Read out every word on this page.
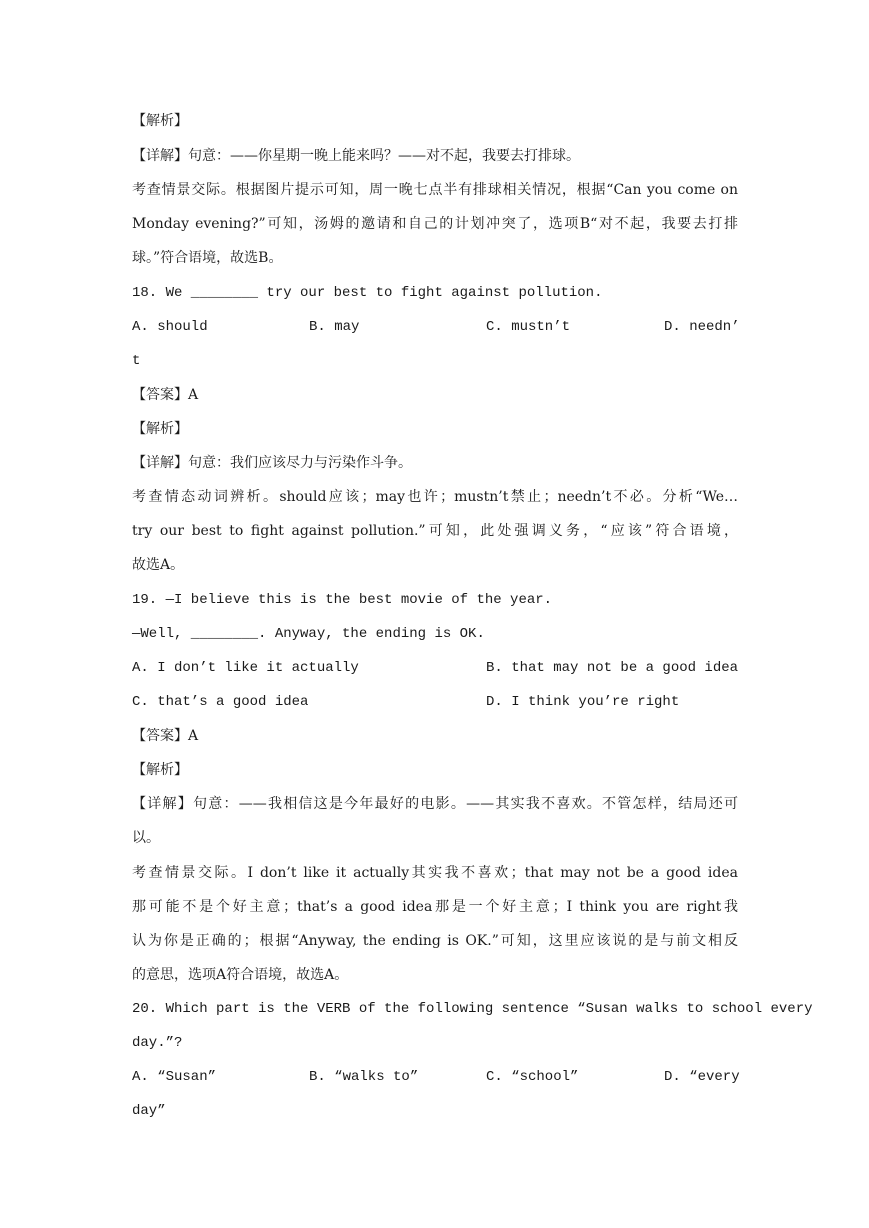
【解析】
【详解】句意：——你星期一晚上能来吗？——对不起，我要去打排球。
考查情景交际。根据图片提示可知，周一晚七点半有排球相关情况，根据“Can you come on
Monday evening?”可知，汤姆的邀请和自己的计划冲突了，选项B“对不起，我要去打排
球。”符合语境，故选B。
18. We ________ try our best to fight against pollution.
A. should	B. may	C. mustn’t	D. needn’
t
【答案】A
【解析】
【详解】句意：我们应该尽力与污染作斗争。
考查情态动词辨析。should应该；may也许；mustn’t禁止；needn’t不必。分析“We…
try our best to fight against pollution.”可知，此处强调义务，“应该”符合语境，
故选A。
19. —I believe this is the best movie of the year.
—Well, ________. Anyway, the ending is OK.
A. I don’t like it actually	B. that may not be a good idea
C. that’s a good idea	D. I think you’re right
【答案】A
【解析】
【详解】句意：——我相信这是今年最好的电影。——其实我不喜欢。不管怎样，结局还可
以。
考查情景交际。I don’t like it actually其实我不喜欢；that may not be a good idea
那可能不是个好主意；that’s a good idea那是一个好主意；I think you are right我
认为你是正确的；根据“Anyway, the ending is OK.”可知，这里应该说的是与前文相反
的意思，选项A符合语境，故选A。
20. Which part is the VERB of the following sentence “Susan walks to school every
day.”?
A. “Susan”	B. “walks to”	C. “school”	D. “every
day”
